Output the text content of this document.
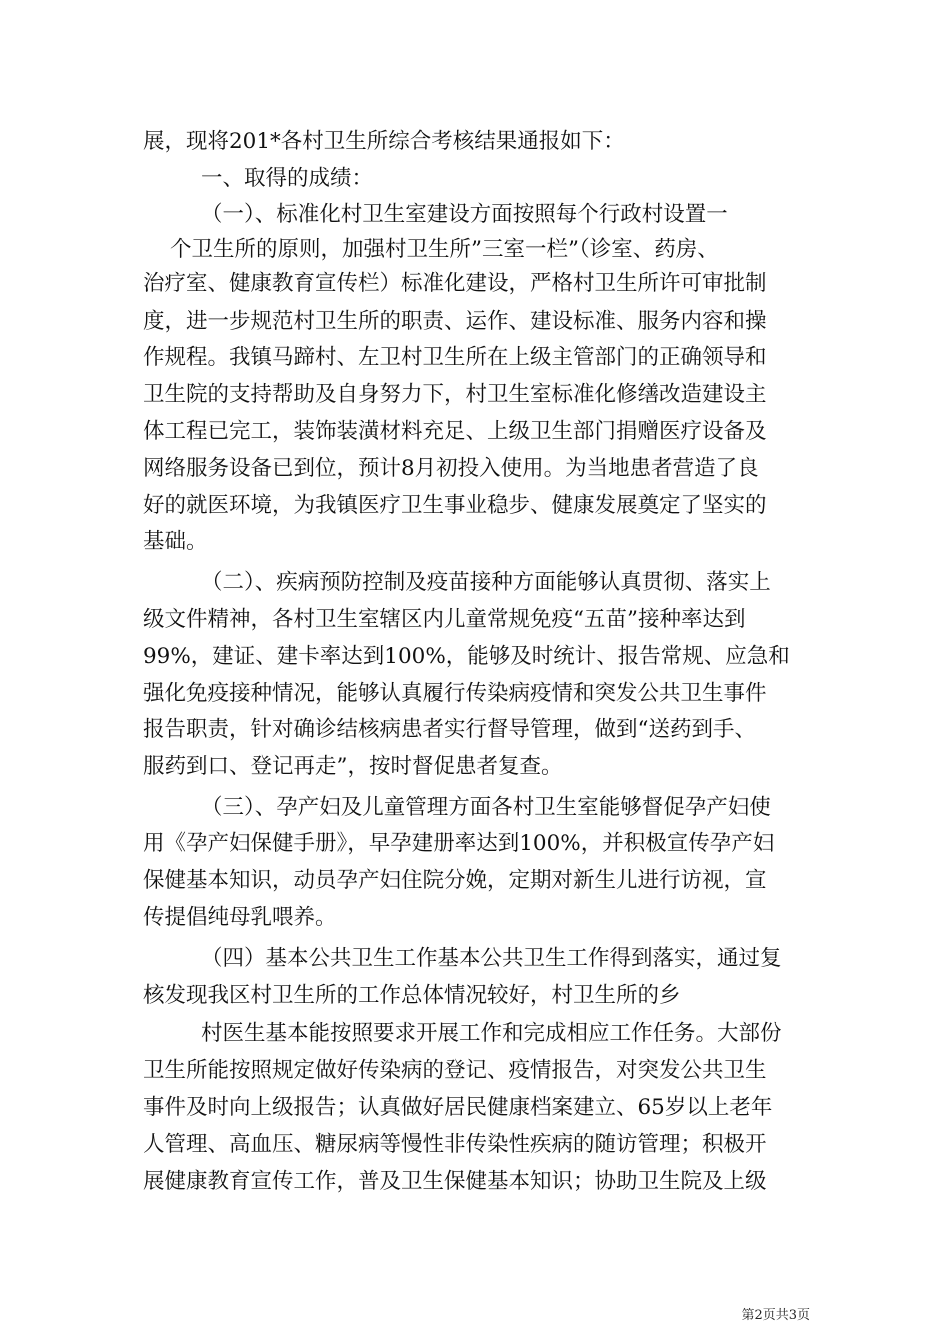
展，现将201*各村卫生所综合考核结果通报如下：
一、取得的成绩：
（一）、标准化村卫生室建设方面按照每个行政村设置一
个卫生所的原则，加强村卫生所”三室一栏”（诊室、药房、
治疗室、健康教育宣传栏）标准化建设，严格村卫生所许可审批制
度，进一步规范村卫生所的职责、运作、建设标准、服务内容和操
作规程。我镇马蹄村、左卫村卫生所在上级主管部门的正确领导和
卫生院的支持帮助及自身努力下，村卫生室标准化修缮改造建设主
体工程已完工，装饰装潢材料充足、上级卫生部门捐赠医疗设备及
网络服务设备已到位，预计8月初投入使用。为当地患者营造了良
好的就医环境，为我镇医疗卫生事业稳步、健康发展奠定了坚实的
基础。
（二）、疾病预防控制及疫苗接种方面能够认真贯彻、落实上
级文件精神，各村卫生室辖区内儿童常规免疫“五苗”接种率达到
99%，建证、建卡率达到100%，能够及时统计、报告常规、应急和
强化免疫接种情况，能够认真履行传染病疫情和突发公共卫生事件
报告职责，针对确诊结核病患者实行督导管理，做到“送药到手、
服药到口、登记再走”，按时督促患者复查。
（三）、孕产妇及儿童管理方面各村卫生室能够督促孕产妇使
用《孕产妇保健手册》，早孕建册率达到100%，并积极宣传孕产妇
保健基本知识，动员孕产妇住院分娩，定期对新生儿进行访视，宣
传提倡纯母乳喂养。
（四）基本公共卫生工作基本公共卫生工作得到落实，通过复
核发现我区村卫生所的工作总体情况较好，村卫生所的乡
村医生基本能按照要求开展工作和完成相应工作任务。大部份
卫生所能按照规定做好传染病的登记、疫情报告，对突发公共卫生
事件及时向上级报告；认真做好居民健康档案建立、65岁以上老年
人管理、高血压、糖尿病等慢性非传染性疾病的随访管理；积极开
展健康教育宣传工作，普及卫生保健基本知识；协助卫生院及上级
第2页共3页
